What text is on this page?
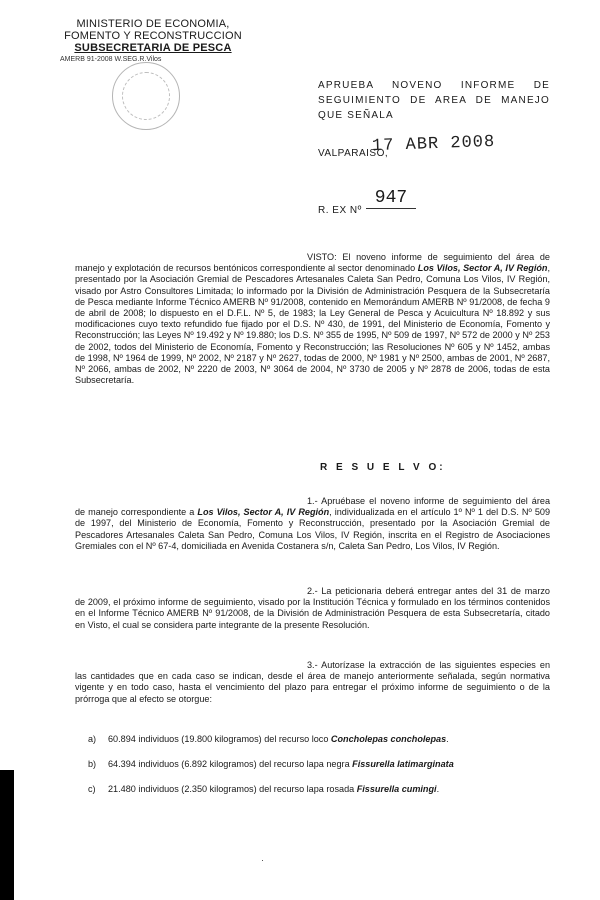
MINISTERIO DE ECONOMIA,
FOMENTO Y RECONSTRUCCION
SUBSECRETARIA DE PESCA
AMERB 91-2008 W.SEG.R.Vilos
APRUEBA NOVENO INFORME DE SEGUIMIENTO DE AREA DE MANEJO QUE SEÑALA
VALPARAISO,
17 ABR 2008
R. EX Nº
947

VISTO: El noveno informe de seguimiento del área de manejo y explotación de recursos bentónicos correspondiente al sector denominado Los Vilos, Sector A, IV Región, presentado por la Asociación Gremial de Pescadores Artesanales Caleta San Pedro, Comuna Los Vilos, IV Región, visado por Astro Consultores Limitada; lo informado por la División de Administración Pesquera de la Subsecretaría de Pesca mediante Informe Técnico AMERB Nº 91/2008, contenido en Memorándum AMERB Nº 91/2008, de fecha 9 de abril de 2008; lo dispuesto en el D.F.L. Nº 5, de 1983; la Ley General de Pesca y Acuicultura Nº 18.892 y sus modificaciones cuyo texto refundido fue fijado por el D.S. Nº 430, de 1991, del Ministerio de Economía, Fomento y Reconstrucción; las Leyes Nº 19.492 y Nº 19.880; los D.S. Nº 355 de 1995, Nº 509 de 1997, Nº 572 de 2000 y Nº 253 de 2002, todos del Ministerio de Economía, Fomento y Reconstrucción; las Resoluciones Nº 605 y Nº 1452, ambas de 1998, Nº 1964 de 1999, Nº 2002, Nº 2187 y Nº 2627, todas de 2000, Nº 1981 y Nº 2500, ambas de 2001, Nº 2687, Nº 2066, ambas de 2002, Nº 2220 de 2003, Nº 3064 de 2004, Nº 3730 de 2005 y Nº 2878 de 2006, todas de esta Subsecretaría.

R E S U E L V O:

1.- Apruébase el noveno informe de seguimiento del área de manejo correspondiente a Los Vilos, Sector A, IV Región, individualizada en el artículo 1º Nº 1 del D.S. Nº 509 de 1997, del Ministerio de Economía, Fomento y Reconstrucción, presentado por la Asociación Gremial de Pescadores Artesanales Caleta San Pedro, Comuna Los Vilos, IV Región, inscrita en el Registro de Asociaciones Gremiales con el Nº 67-4, domiciliada en Avenida Costanera s/n, Caleta San Pedro, Los Vilos, IV Región.

2.- La peticionaria deberá entregar antes del 31 de marzo de 2009, el próximo informe de seguimiento, visado por la Institución Técnica y formulado en los términos contenidos en el Informe Técnico AMERB Nº 91/2008, de la División de Administración Pesquera de esta Subsecretaría, citado en Visto, el cual se considera parte integrante de la presente Resolución.

3.- Autorízase la extracción de las siguientes especies en las cantidades que en cada caso se indican, desde el área de manejo anteriormente señalada, según normativa vigente y en todo caso, hasta el vencimiento del plazo para entregar el próximo informe de seguimiento o de la prórroga que al efecto se otorgue:

a) 60.894 individuos (19.800 kilogramos) del recurso loco Concholepas concholepas.
b) 64.394 individuos (6.892 kilogramos) del recurso lapa negra Fissurella latimarginata
c) 21.480 individuos (2.350 kilogramos) del recurso lapa rosada Fissurella cumingi.
